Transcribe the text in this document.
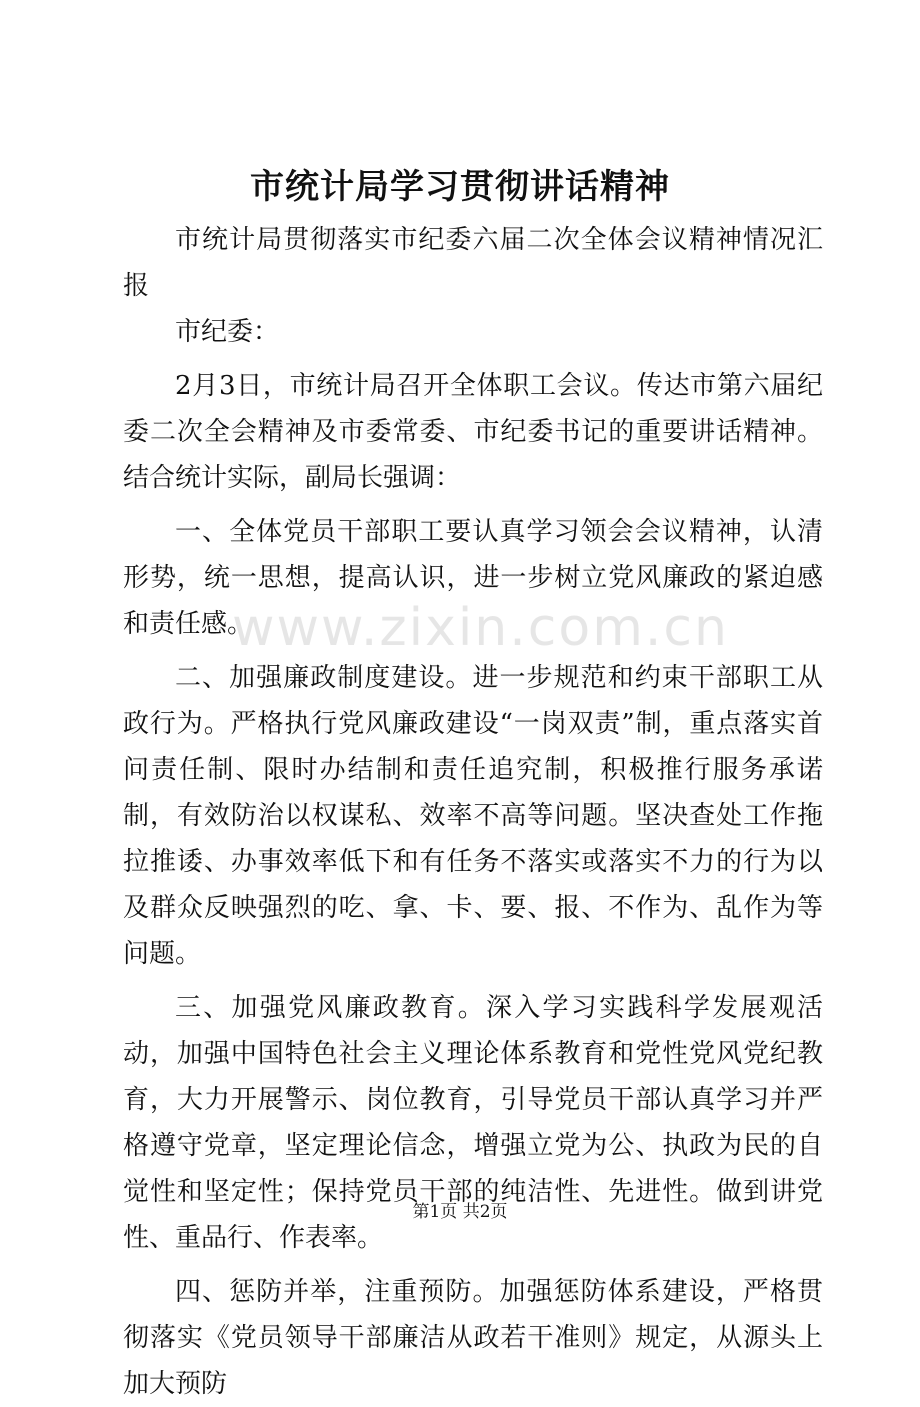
市统计局学习贯彻讲话精神

市统计局贯彻落实市纪委六届二次全体会议精神情况汇报

市纪委：

2月3日，市统计局召开全体职工会议。传达市第六届纪委二次全会精神及市委常委、市纪委书记的重要讲话精神。结合统计实际，副局长强调：

一、全体党员干部职工要认真学习领会会议精神，认清形势，统一思想，提高认识，进一步树立党风廉政的紧迫感和责任感。

二、加强廉政制度建设。进一步规范和约束干部职工从政行为。严格执行党风廉政建设“一岗双责”制，重点落实首问责任制、限时办结制和责任追究制，积极推行服务承诺制，有效防治以权谋私、效率不高等问题。坚决查处工作拖拉推诿、办事效率低下和有任务不落实或落实不力的行为以及群众反映强烈的吃、拿、卡、要、报、不作为、乱作为等问题。

三、加强党风廉政教育。深入学习实践科学发展观活动，加强中国特色社会主义理论体系教育和党性党风党纪教育，大力开展警示、岗位教育，引导党员干部认真学习并严格遵守党章，坚定理论信念，增强立党为公、执政为民的自觉性和坚定性；保持党员干部的纯洁性、先进性。做到讲党性、重品行、作表率。

四、惩防并举，注重预防。加强惩防体系建设，严格贯彻落实《党员领导干部廉洁从政若干准则》规定，从源头上加大预防

www.zixin.com.cn
第1页 共2页
